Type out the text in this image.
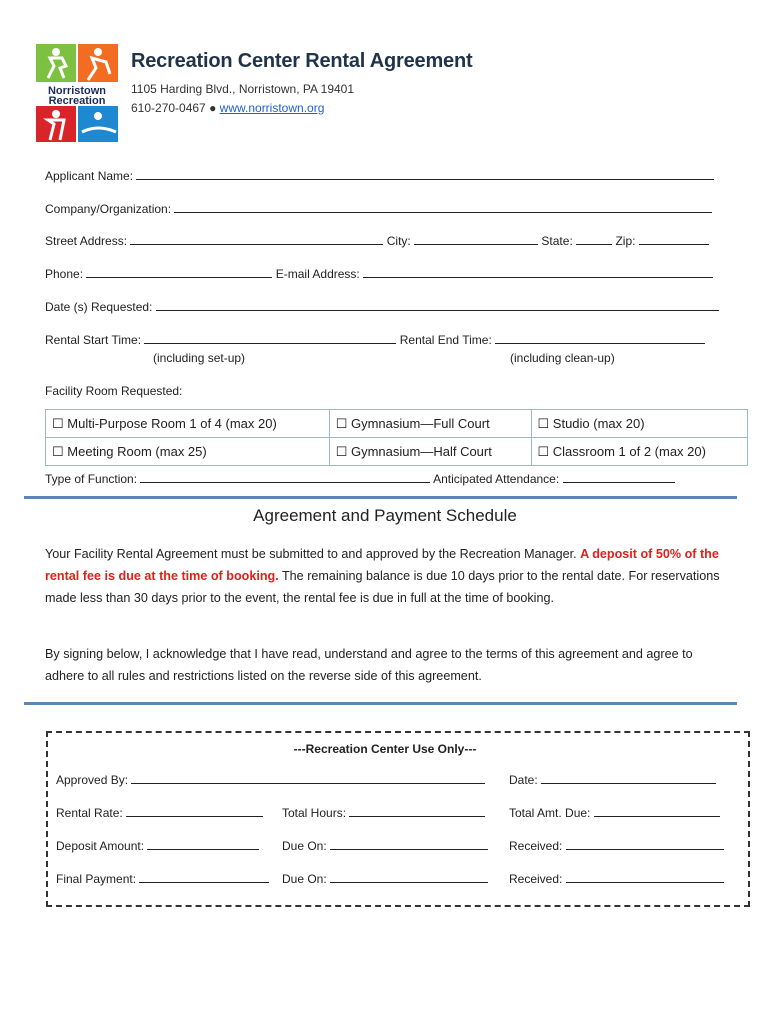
Norristown
Recreation
Recreation Center Rental Agreement
1105 Harding Blvd., Norristown, PA 19401
610-270-0467 ● www.norristown.org
Applicant Name:
Company/Organization:
Street Address:	City:	State:	Zip:
Phone:	E-mail Address:
Date (s) Requested:
Rental Start Time:	Rental End Time:
(including set-up)	(including clean-up)
Facility Room Requested:
☐ Multi-Purpose Room 1 of 4 (max 20)	☐ Gymnasium—Full Court	☐ Studio (max 20)
☐ Meeting Room (max 25)	☐ Gymnasium—Half Court	☐ Classroom 1 of 2 (max 20)
Type of Function:	Anticipated Attendance:
Agreement and Payment Schedule
Your Facility Rental Agreement must be submitted to and approved by the Recreation Manager. A deposit of 50% of the rental fee is due at the time of booking. The remaining balance is due 10 days prior to the rental date. For reservations made less than 30 days prior to the event, the rental fee is due in full at the time of booking.
By signing below, I acknowledge that I have read, understand and agree to the terms of this agreement and agree to adhere to all rules and restrictions listed on the reverse side of this agreement.
---Recreation Center Use Only---
Approved By:	Date:
Rental Rate:	Total Hours:	Total Amt. Due:
Deposit Amount:	Due On:	Received:
Final Payment:	Due On:	Received:
